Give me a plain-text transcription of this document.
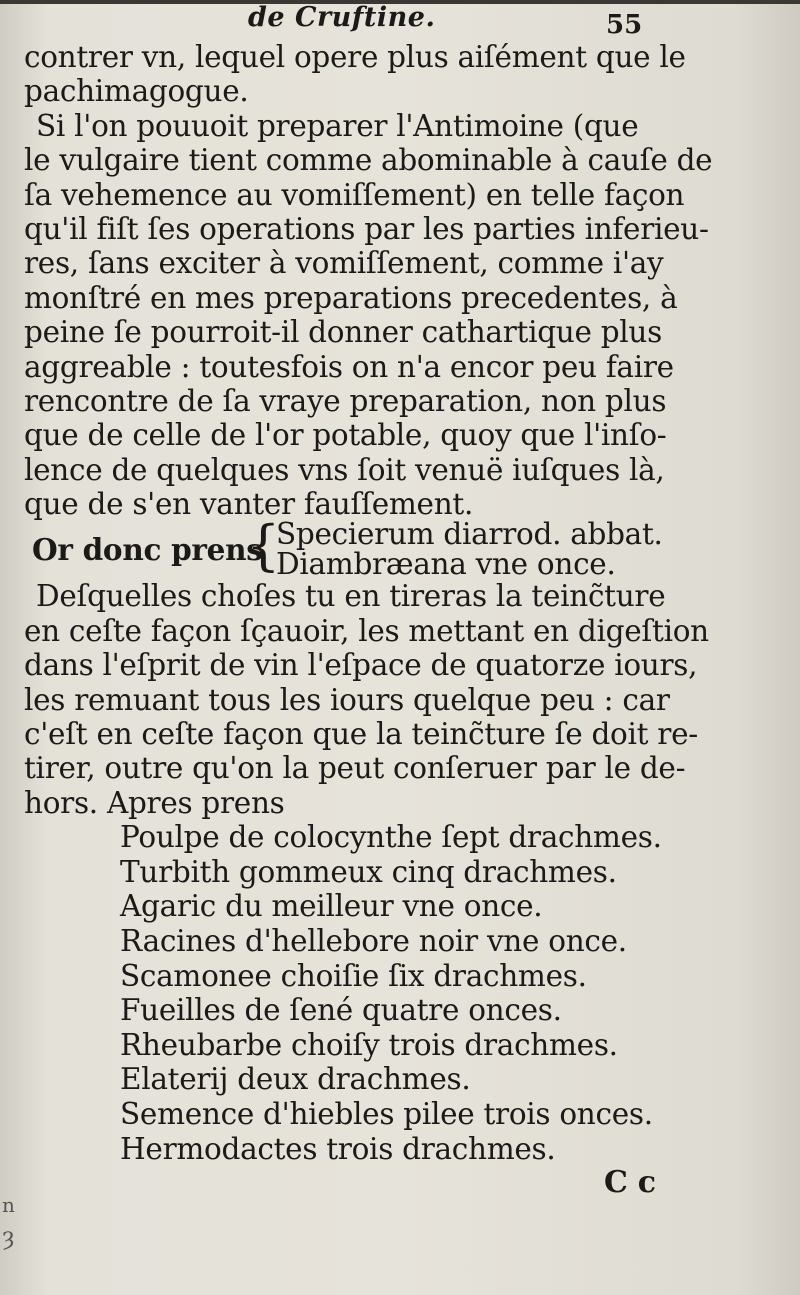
de Cruftine.	55
contrer vn, lequel opere plus aiſément que le
pachimagogue.
Si l'on pouuoit preparer l'Antimoine (que
le vulgaire tient comme abominable à cauſe de
ſa vehemence au vomiſſement) en telle façon
qu'il fiſt ſes operations par les parties inferieu-
res, ſans exciter à vomiſſement, comme i'ay
monſtré en mes preparations precedentes, à
peine ſe pourroit-il donner cathartique plus
aggreable : toutesfois on n'a encor peu faire
rencontre de ſa vraye preparation, non plus
que de celle de l'or potable, quoy que l'inſo-
lence de quelques vns ſoit venuë iuſques là,
que de s'en vanter fauſſement.
Or donc prens
{
Specierum diarrod. abbat.
Diambræana vne once.
Deſquelles choſes tu en tireras la teinc̃ture
en ceſte façon ſçauoir, les mettant en digeſtion
dans l'eſprit de vin l'eſpace de quatorze iours,
les remuant tous les iours quelque peu : car
c'eſt en ceſte façon que la teinc̃ture ſe doit re-
tirer, outre qu'on la peut conſeruer par le de-
hors. Apres prens
Poulpe de colocynthe ſept drachmes.
Turbith gommeux cinq drachmes.
Agaric du meilleur vne once.
Racines d'hellebore noir vne once.
Scamonee choiſie ſix drachmes.
Fueilles de ſené quatre onces.
Rheubarbe choiſy trois drachmes.
Elaterij deux drachmes.
Semence d'hiebles pilee trois onces.
Hermodactes trois drachmes.
C c
n
Ȝ
